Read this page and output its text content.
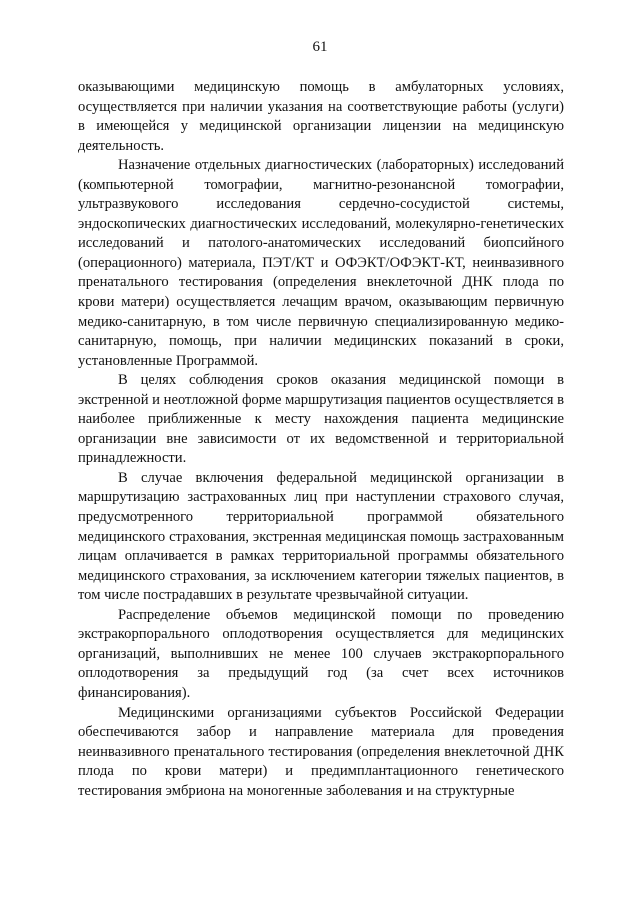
61

оказывающими медицинскую помощь в амбулаторных условиях, осуществляется при наличии указания на соответствующие работы (услуги) в имеющейся у медицинской организации лицензии на медицинскую деятельность.

Назначение отдельных диагностических (лабораторных) исследований (компьютерной томографии, магнитно-резонансной томографии, ультразвукового исследования сердечно-сосудистой системы, эндоскопических диагностических исследований, молекулярно-генетических исследований и патолого-анатомических исследований биопсийного (операционного) материала, ПЭТ/КТ и ОФЭКТ/ОФЭКТ-КТ, неинвазивного пренатального тестирования (определения внеклеточной ДНК плода по крови матери) осуществляется лечащим врачом, оказывающим первичную медико-санитарную, в том числе первичную специализированную медико-санитарную, помощь, при наличии медицинских показаний в сроки, установленные Программой.

В целях соблюдения сроков оказания медицинской помощи в экстренной и неотложной форме маршрутизация пациентов осуществляется в наиболее приближенные к месту нахождения пациента медицинские организации вне зависимости от их ведомственной и территориальной принадлежности.

В случае включения федеральной медицинской организации в маршрутизацию застрахованных лиц при наступлении страхового случая, предусмотренного территориальной программой обязательного медицинского страхования, экстренная медицинская помощь застрахованным лицам оплачивается в рамках территориальной программы обязательного медицинского страхования, за исключением категории тяжелых пациентов, в том числе пострадавших в результате чрезвычайной ситуации.

Распределение объемов медицинской помощи по проведению экстракорпорального оплодотворения осуществляется для медицинских организаций, выполнивших не менее 100 случаев экстракорпорального оплодотворения за предыдущий год (за счет всех источников финансирования).

Медицинскими организациями субъектов Российской Федерации обеспечиваются забор и направление материала для проведения неинвазивного пренатального тестирования (определения внеклеточной ДНК плода по крови матери) и предимплантационного генетического тестирования эмбриона на моногенные заболевания и на структурные
